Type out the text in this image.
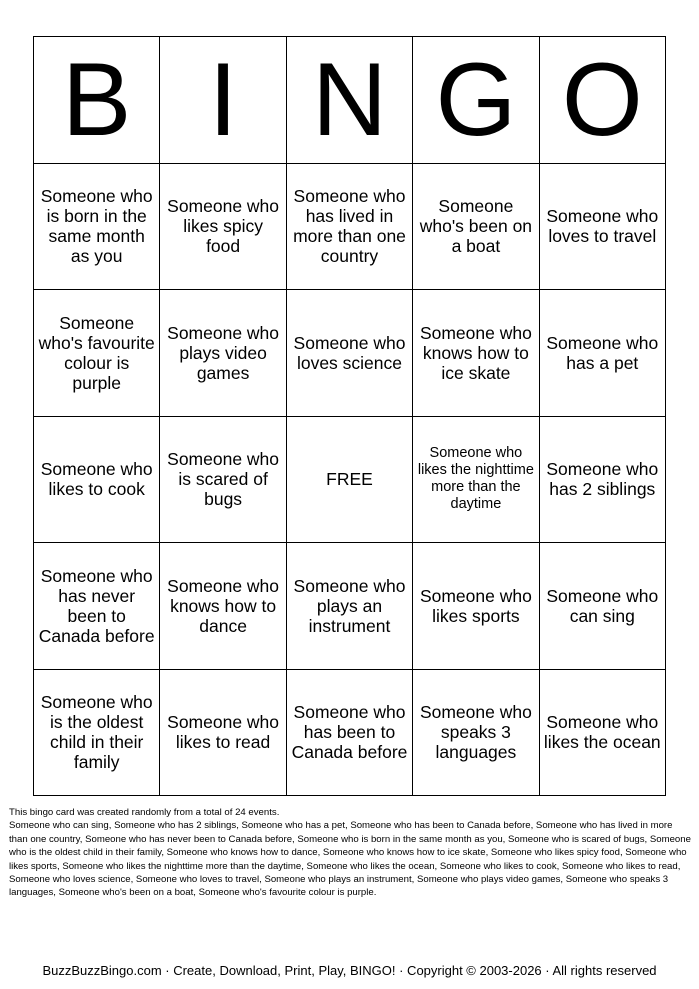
B I N G O
Someone who is born in the same month as you
Someone who likes spicy food
Someone who has lived in more than one country
Someone who's been on a boat
Someone who loves to travel
Someone who's favourite colour is purple
Someone who plays video games
Someone who loves science
Someone who knows how to ice skate
Someone who has a pet
Someone who likes to cook
Someone who is scared of bugs
FREE
Someone who likes the nighttime more than the daytime
Someone who has 2 siblings
Someone who has never been to Canada before
Someone who knows how to dance
Someone who plays an instrument
Someone who likes sports
Someone who can sing
Someone who is the oldest child in their family
Someone who likes to read
Someone who has been to Canada before
Someone who speaks 3 languages
Someone who likes the ocean

This bingo card was created randomly from a total of 24 events.

Someone who can sing, Someone who has 2 siblings, Someone who has a pet, Someone who has been to Canada before, Someone who has lived in more than one country, Someone who has never been to Canada before, Someone who is born in the same month as you, Someone who is scared of bugs, Someone who is the oldest child in their family, Someone who knows how to dance, Someone who knows how to ice skate, Someone who likes spicy food, Someone who likes sports, Someone who likes the nighttime more than the daytime, Someone who likes the ocean, Someone who likes to cook, Someone who likes to read, Someone who loves science, Someone who loves to travel, Someone who plays an instrument, Someone who plays video games, Someone who speaks 3 languages, Someone who's been on a boat, Someone who's favourite colour is purple.

BuzzBuzzBingo.com · Create, Download, Print, Play, BINGO! · Copyright © 2003-2026 · All rights reserved
